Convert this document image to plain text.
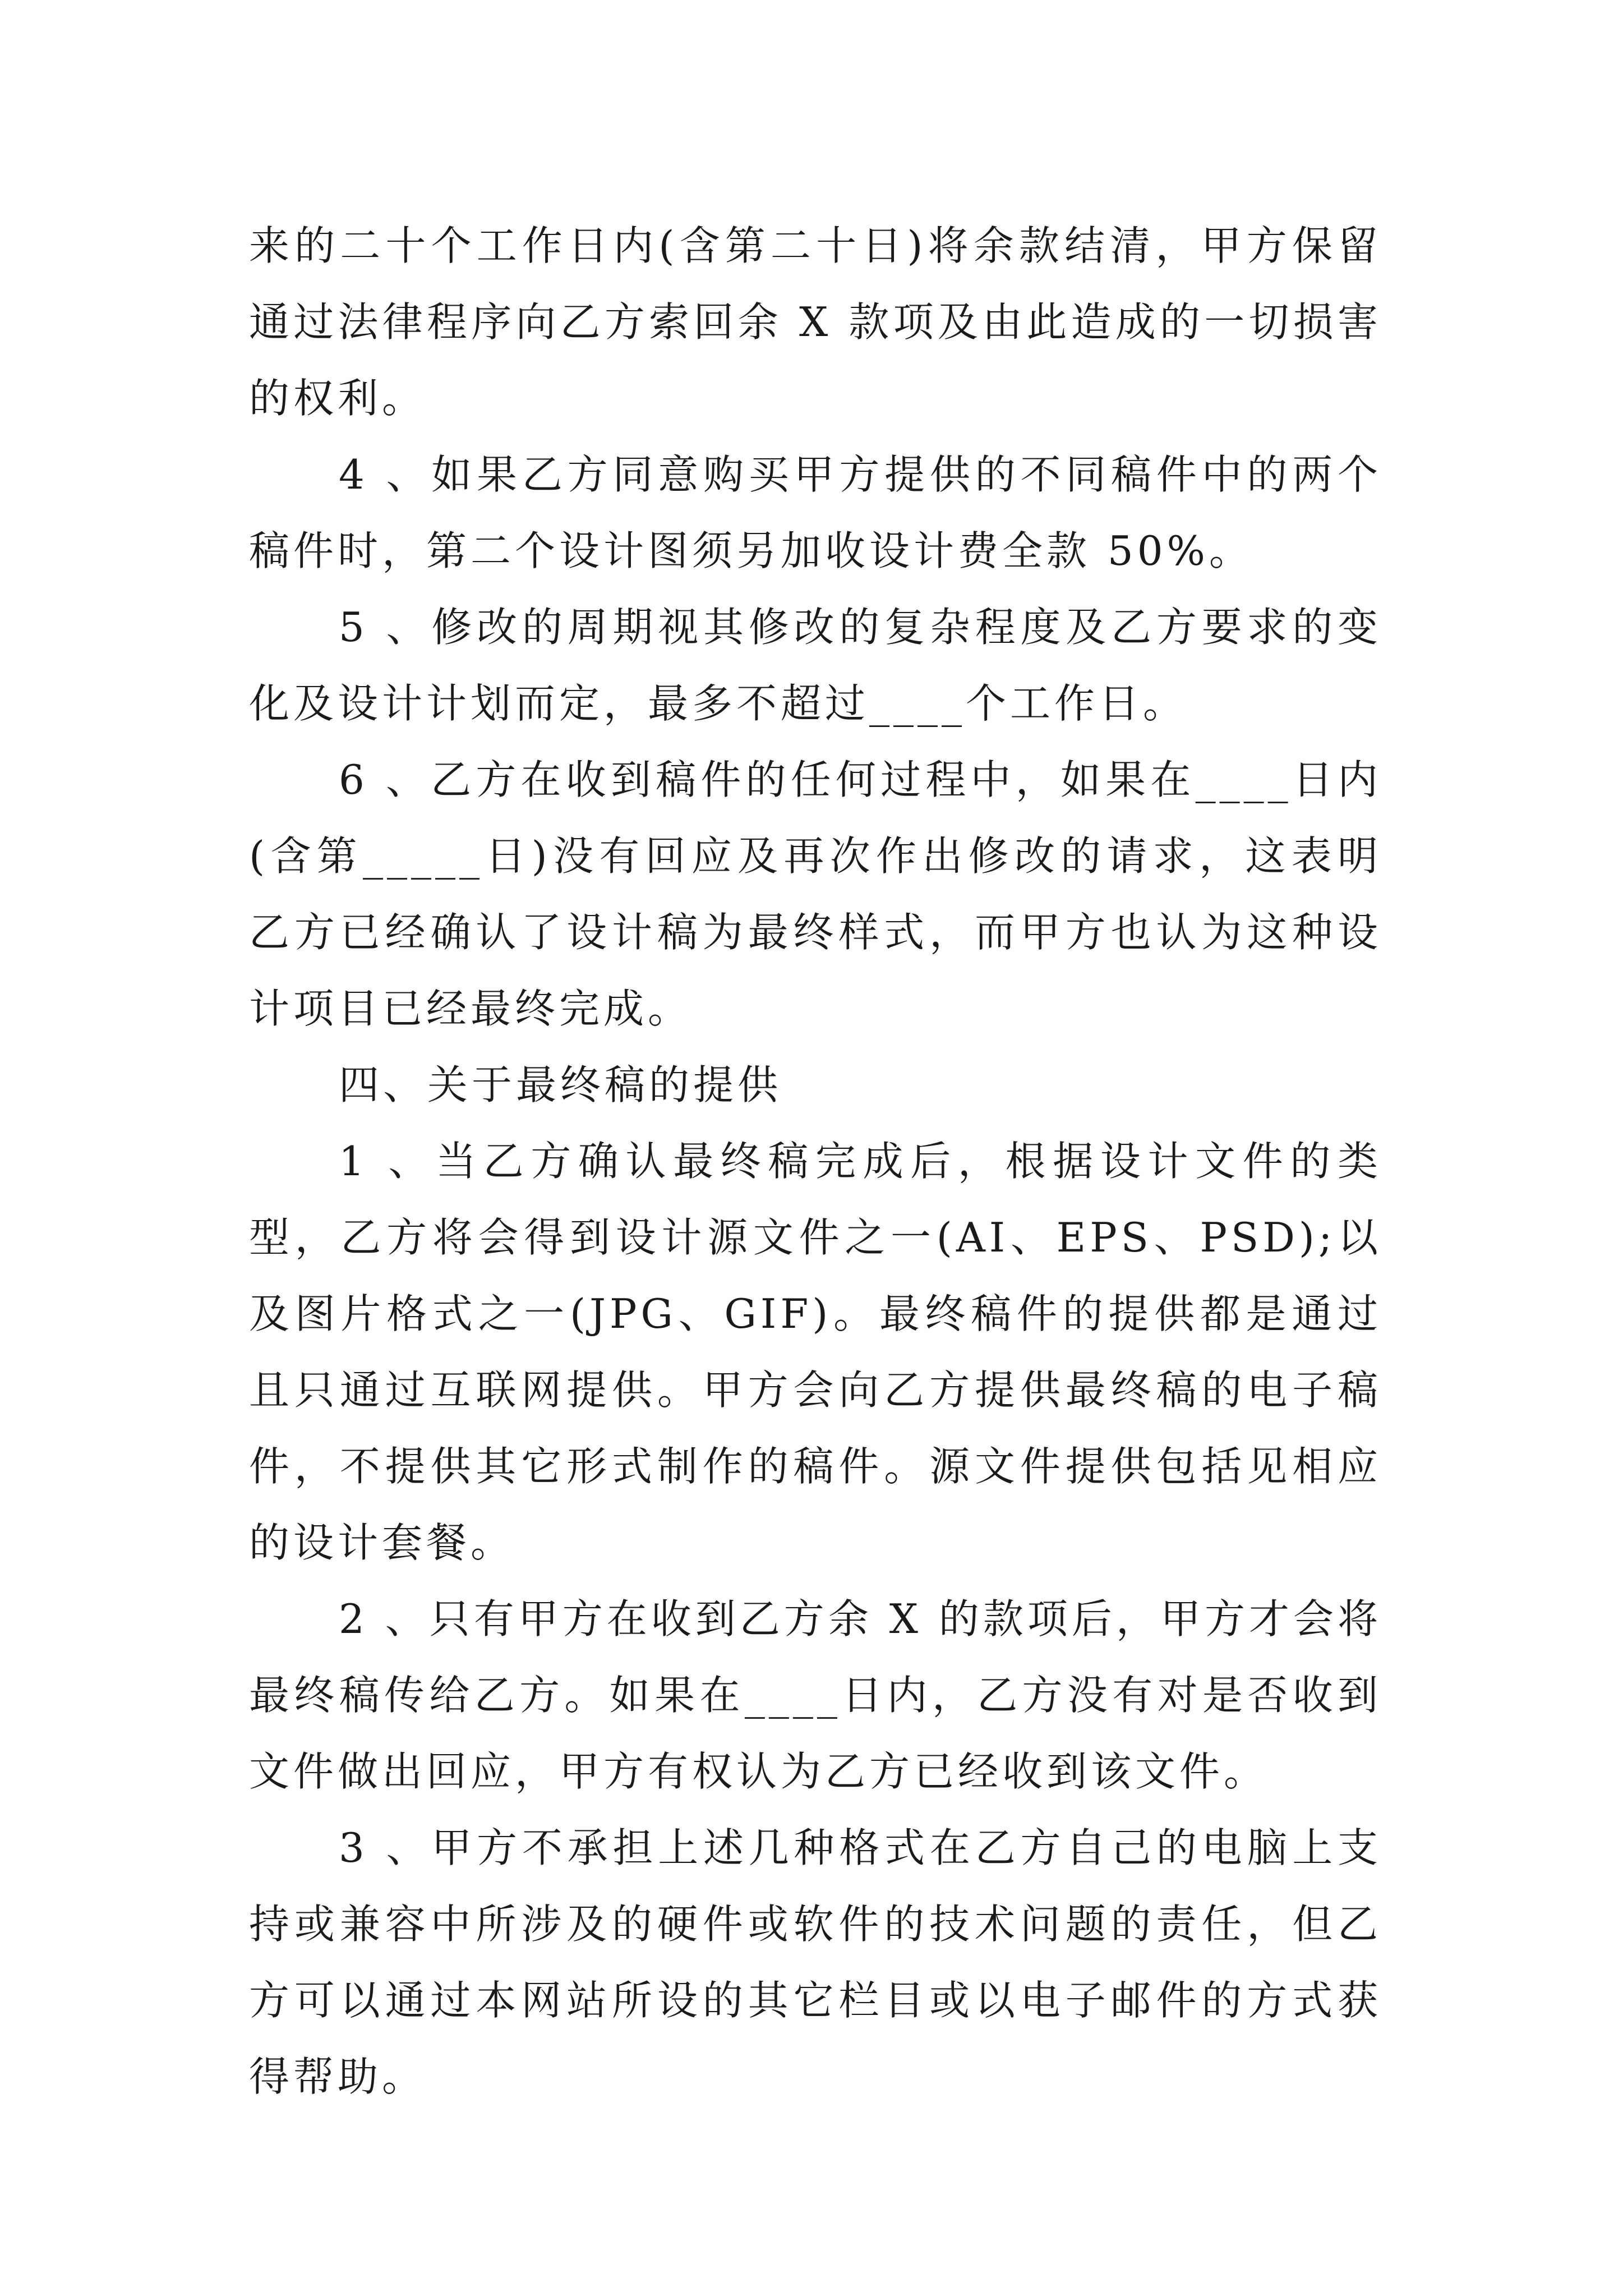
来的二十个工作日内(含第二十日)将余款结清，甲方保留通过法律程序向乙方索回余 X 款项及由此造成的一切损害的权利。

4 、如果乙方同意购买甲方提供的不同稿件中的两个稿件时，第二个设计图须另加收设计费全款 50%。

5 、修改的周期视其修改的复杂程度及乙方要求的变化及设计计划而定，最多不超过____个工作日。

6 、乙方在收到稿件的任何过程中，如果在____日内(含第_____日)没有回应及再次作出修改的请求，这表明乙方已经确认了设计稿为最终样式，而甲方也认为这种设计项目已经最终完成。

四、关于最终稿的提供

1 、当乙方确认最终稿完成后，根据设计文件的类型，乙方将会得到设计源文件之一(AI、EPS、PSD);以及图片格式之一(JPG、GIF)。最终稿件的提供都是通过且只通过互联网提供。甲方会向乙方提供最终稿的电子稿件，不提供其它形式制作的稿件。源文件提供包括见相应的设计套餐。

2 、只有甲方在收到乙方余 X 的款项后，甲方才会将最终稿传给乙方。如果在____日内，乙方没有对是否收到文件做出回应，甲方有权认为乙方已经收到该文件。

3 、甲方不承担上述几种格式在乙方自己的电脑上支持或兼容中所涉及的硬件或软件的技术问题的责任，但乙方可以通过本网站所设的其它栏目或以电子邮件的方式获得帮助。
